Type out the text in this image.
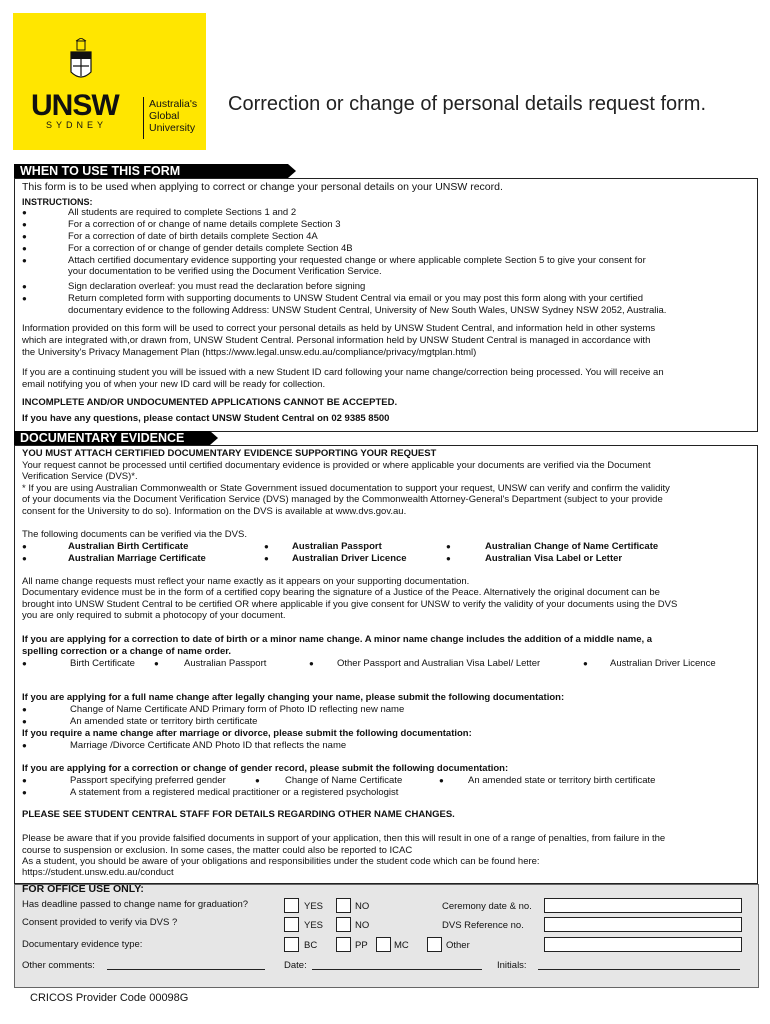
UNSW
SYDNEY
Australia's
Global
University
Correction or change of personal details request form.
WHEN TO USE THIS FORM
This form is to be used when applying to correct or change your personal details on your UNSW record.
INSTRUCTIONS:
●	All students are required to complete Sections 1 and 2
●	For a correction of or change of name details complete Section 3
●	For a correction of date of birth details complete Section 4A
●	For a correction of or change of gender details complete Section 4B
●	Attach certified documentary evidence supporting your requested change or where applicable complete Section 5 to give your consent for
your documentation to be verified using the Document Verification Service.
●	Sign declaration overleaf: you must read the declaration before signing
●	Return completed form with supporting documents to UNSW Student Central via email or you may post this form along with your certified
documentary evidence to the following Address: UNSW Student Central, University of New South Wales, UNSW Sydney NSW 2052, Australia.
Information provided on this form will be used to correct your personal details as held by UNSW Student Central, and information held in other systems
which are integrated with,or drawn from, UNSW Student Central. Personal information held by UNSW Student Central is managed in accordance with
the University's Privacy Management Plan (https://www.legal.unsw.edu.au/compliance/privacy/mgtplan.html)
If you are a continuing student you will be issued with a new Student ID card following your name change/correction being processed. You will receive an
email notifying you of when your new ID card will be ready for collection.
INCOMPLETE AND/OR UNDOCUMENTED APPLICATIONS CANNOT BE ACCEPTED.
If you have any questions, please contact UNSW Student Central on 02 9385 8500
DOCUMENTARY EVIDENCE
YOU MUST ATTACH CERTIFIED DOCUMENTARY EVIDENCE SUPPORTING YOUR REQUEST
Your request cannot be processed until certified documentary evidence is provided or where applicable your documents are verified via the Document
Verification Service (DVS)*.
* If you are using Australian Commonwealth or State Government issued documentation to support your request, UNSW can verify and confirm the validity
of your documents via the Document Verification Service (DVS) managed by the Commonwealth Attorney-General's Department (subject to your provide
consent for the University to do so). Information on the DVS is available at www.dvs.gov.au.
The following documents can be verified via the DVS.
●	Australian Birth Certificate	● Australian Passport	●	Australian Change of Name Certificate
●	Australian Marriage Certificate	● Australian Driver Licence	●	Australian Visa Label or Letter
All name change requests must reflect your name exactly as it appears on your supporting documentation.
Documentary evidence must be in the form of a certified copy bearing the signature of a Justice of the Peace. Alternatively the original document can be
brought into UNSW Student Central to be certified OR where applicable if you give consent for UNSW to verify the validity of your documents using the DVS
you are only required to submit a photocopy of your document.
If you are applying for a correction to date of birth or a minor name change. A minor name change includes the addition of a middle name, a
spelling correction or a change of name order.
●	Birth Certificate ●	Australian Passport	● Other Passport and Australian Visa Label/ Letter	● Australian Driver Licence
If you are applying for a full name change after legally changing your name, please submit the following documentation:
●	Change of Name Certificate AND Primary form of Photo ID reflecting new name
●	An amended state or territory birth certificate
If you require a name change after marriage or divorce, please submit the following documentation:
●	Marriage /Divorce Certificate AND Photo ID that reflects the name
If you are applying for a correction or change of gender record, please submit the following documentation:
●	Passport specifying preferred gender	●	Change of Name Certificate	●	An amended state or territory birth certificate
●	A statement from a registered medical practitioner or a registered psychologist
PLEASE SEE STUDENT CENTRAL STAFF FOR DETAILS REGARDING OTHER NAME CHANGES.
Please be aware that if you provide falsified documents in support of your application, then this will result in one of a range of penalties, from failure in the
course to suspension or exclusion. In some cases, the matter could also be reported to ICAC
As a student, you should be aware of your obligations and responsibilities under the student code which can be found here:
https://student.unsw.edu.au/conduct
FOR OFFICE USE ONLY:
Has deadline passed to change name for graduation?	YES	NO	Ceremony date & no.
Consent provided to verify via DVS ?	YES	NO	DVS Reference no.
Documentary evidence type:	BC	PP	MC	Other
Other comments:	Date:	Initials:
CRICOS Provider Code 00098G
